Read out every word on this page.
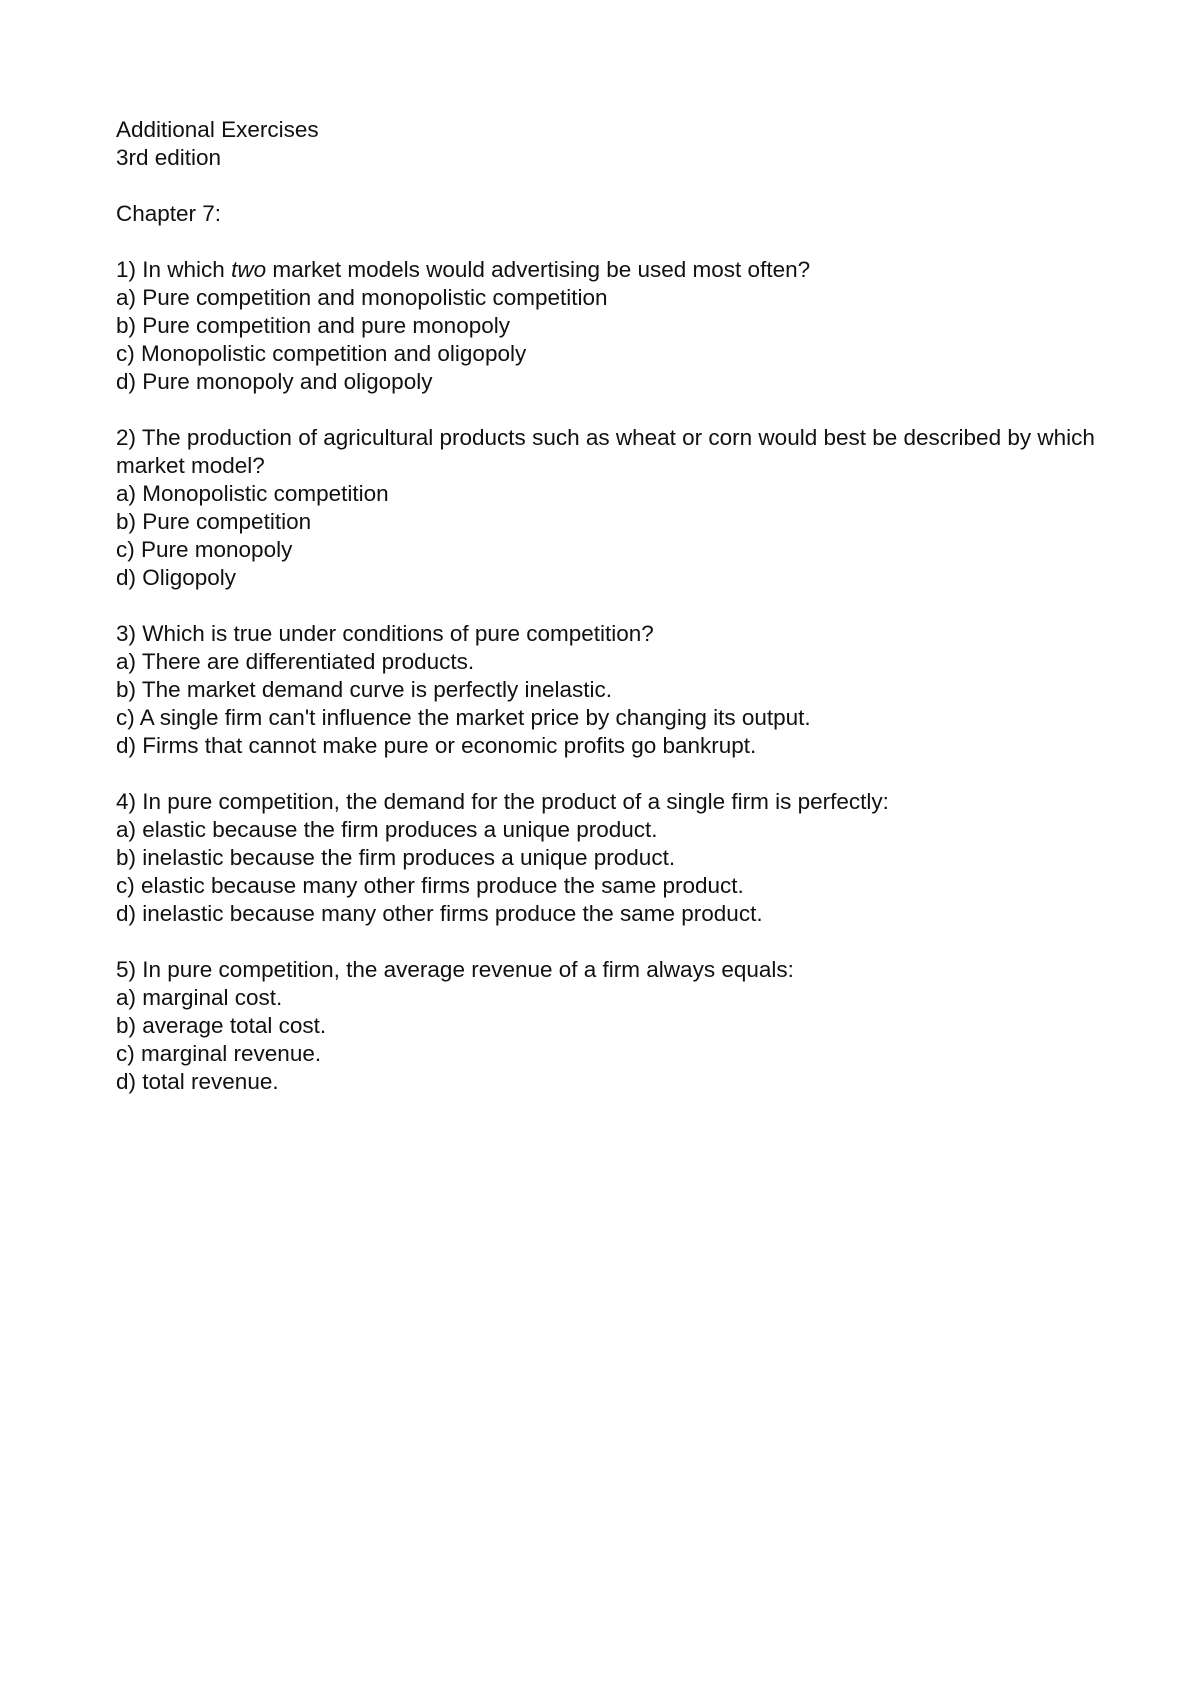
Additional Exercises
3rd edition
Chapter 7:
1) In which two market models would advertising be used most often?
a) Pure competition and monopolistic competition
b) Pure competition and pure monopoly
c) Monopolistic competition and oligopoly
d) Pure monopoly and oligopoly
2) The production of agricultural products such as wheat or corn would best be described by which market model?
a) Monopolistic competition
b) Pure competition
c) Pure monopoly
d) Oligopoly
3) Which is true under conditions of pure competition?
a) There are differentiated products.
b) The market demand curve is perfectly inelastic.
c) A single firm can't influence the market price by changing its output.
d) Firms that cannot make pure or economic profits go bankrupt.
4) In pure competition, the demand for the product of a single firm is perfectly:
a) elastic because the firm produces a unique product.
b) inelastic because the firm produces a unique product.
c) elastic because many other firms produce the same product.
d) inelastic because many other firms produce the same product.
5) In pure competition, the average revenue of a firm always equals:
a) marginal cost.
b) average total cost.
c) marginal revenue.
d) total revenue.
